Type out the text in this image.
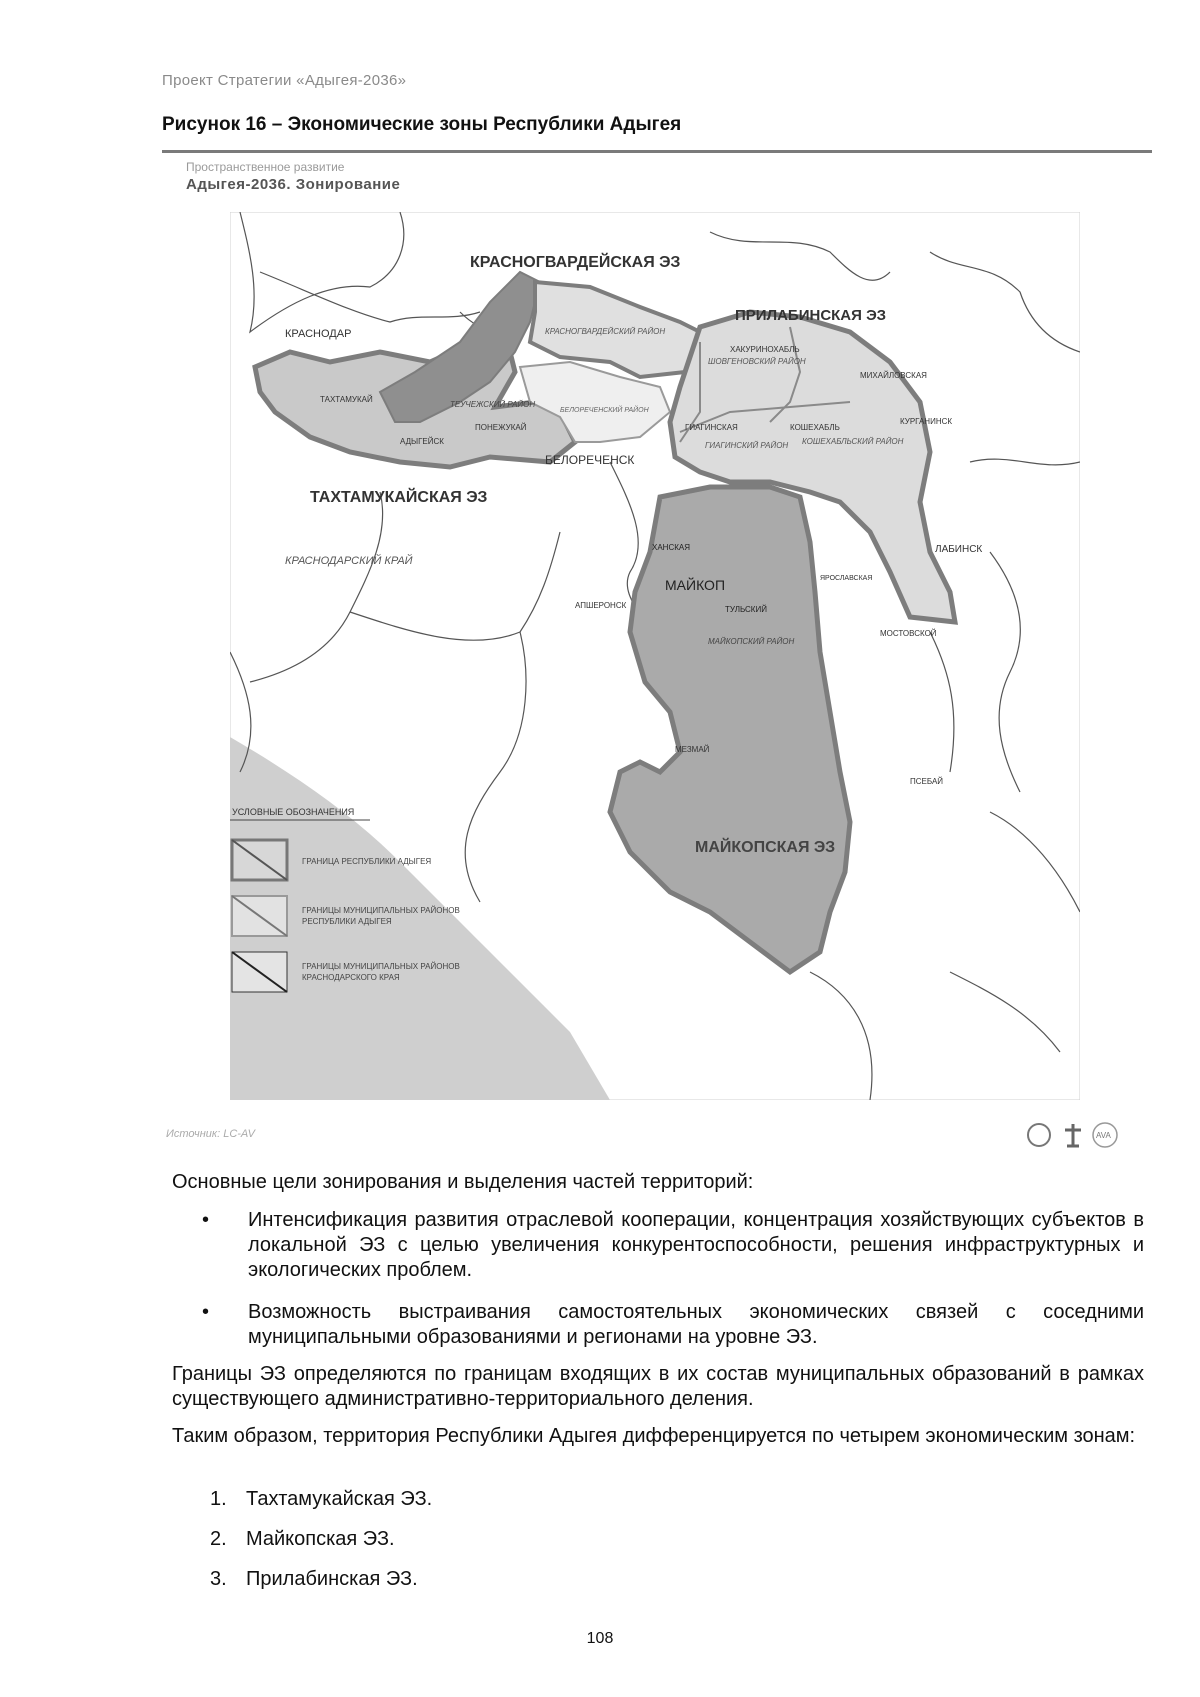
Проект Стратегии «Адыгея-2036»
Рисунок 16 – Экономические зоны Республики Адыгея
Пространственное развитие
Адыгея-2036. Зонирование
КРАСНОГВАРДЕЙСКАЯ ЭЗ
ПРИЛАБИНСКАЯ ЭЗ
ТАХТАМУКАЙСКАЯ ЭЗ
МАЙКОПСКАЯ ЭЗ
КРАСНОДАР	КРАСНОГВАРДЕЙСКИЙ РАЙОН
ХАКУРИНОХАБЛЬ
ШОВГЕНОВСКИЙ РАЙОН
МИХАЙЛОВСКАЯ
ТАХТАМУКАЙ
ТЕУЧЕЖСКИЙ РАЙОН
ПОНЕЖУКАЙ
АДЫГЕЙСК
БЕЛОРЕЧЕНСКИЙ РАЙОН
БЕЛОРЕЧЕНСК
ГИАГИНСКАЯ
ГИАГИНСКИЙ РАЙОН
КОШЕХАБЛЬ
КОШЕХАБЛЬСКИЙ РАЙОН
КУРГАНИНСК
КРАСНОДАРСКИЙ КРАЙ
ХАНСКАЯ
МАЙКОП
АПШЕРОНСК	ТУЛЬСКИЙ
МАЙКОПСКИЙ РАЙОН
ЛАБИНСК
ЯРОСЛАВСКАЯ
МОСТОВСКОЙ
МЕЗМАЙ
ПСЕБАЙ
УСЛОВНЫЕ ОБОЗНАЧЕНИЯ
ГРАНИЦА РЕСПУБЛИКИ АДЫГЕЯ
ГРАНИЦЫ МУНИЦИПАЛЬНЫХ РАЙОНОВ
РЕСПУБЛИКИ АДЫГЕЯ
ГРАНИЦЫ МУНИЦИПАЛЬНЫХ РАЙОНОВ
КРАСНОДАРСКОГО КРАЯ
Источник: LC-AV	AVA

Основные цели зонирования и выделения частей территорий:

• Интенсификация развития отраслевой кооперации, концентрация хозяйствующих субъектов в локальной ЭЗ с целью увеличения конкурентоспособности, решения инфраструктурных и экологических проблем.

• Возможность выстраивания самостоятельных экономических связей с соседними муниципальными образованиями и регионами на уровне ЭЗ.

Границы ЭЗ определяются по границам входящих в их состав муниципальных образований в рамках существующего административно-территориального деления.

Таким образом, территория Республики Адыгея дифференцируется по четырем экономическим зонам:

1. Тахтамукайская ЭЗ.
2. Майкопская ЭЗ.
3. Прилабинская ЭЗ.
108
